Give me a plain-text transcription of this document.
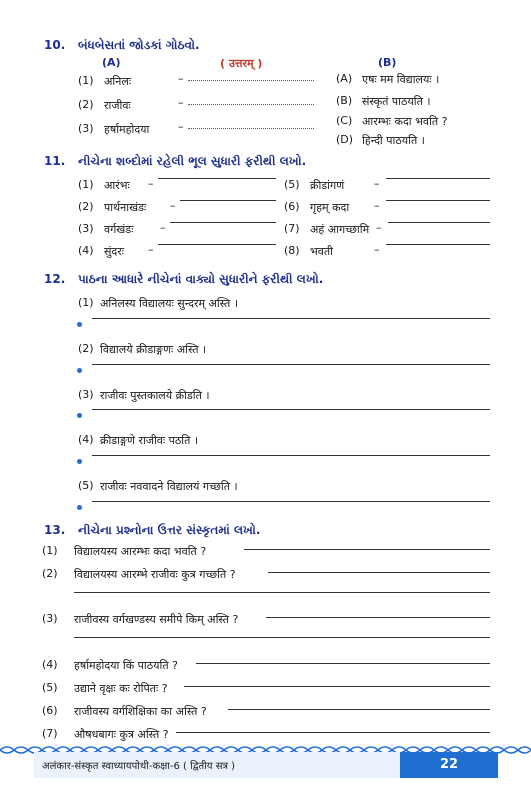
10. બંધબેસતાં જોડકાં ગોઠવો.
(A)	( उत्तरम् )	(B)
(1) अनिलः	–
(2) राजीवः	–
(3) हर्षामहोदया	–
(A) एषः मम विद्यालयः ।
(B) संस्कृतं पाठयति ।
(C) आरम्भः कदा भवति ?
(D) हिन्दी पाठयति ।
11. નીચેના શબ્દોમાં રહેલી ભૂલ સુધારી ફરીથી લખો.
(1) आरंभः –
(2) पार्थनाखंडः –
(3) वर्गखंडः –
(4) सुंदरः –
(5) क्रीडांगणं	–
(6) गृहम् कदा –
(7) अहं आगच्छामि –
(8) भवती	–
12. પાઠના આધારે નીચેનાં વાક્યો સુધારીને ફરીથી લખો.
(1) अनिलस्य विद्यालयः सुन्दरम् अस्ति ।
(2) विद्यालये क्रीडाङ्गणः अस्ति ।
(3) राजीवः पुस्तकालये क्रीडति ।
(4) क्रीडाङ्गणे राजीवः पठति ।
(5) राजीवः नववादने विद्यालयं गच्छति ।
13. નીચેના પ્રશ્નોના ઉત્તર સંસ્કૃતમાં લખો.
(1) विद्यालयस्य आरम्भः कदा भवति ?
(2) विद्यालयस्य आरम्भे राजीवः कुत्र गच्छति ?
(3) राजीवस्य वर्गखण्डस्य समीपे किम् अस्ति ?
(4) हर्षामहोदया किं पाठयति ?
(5) उद्याने वृक्षः कः रोपितः ?
(6) राजीवस्य वर्गशिक्षिका का अस्ति ?
(7) औषधबागः कुत्र अस्ति ?
अलंकार-संस्कृत स्वाध्यायपोथी-कक्षा-6 ( द्वितीय सत्र )	22
